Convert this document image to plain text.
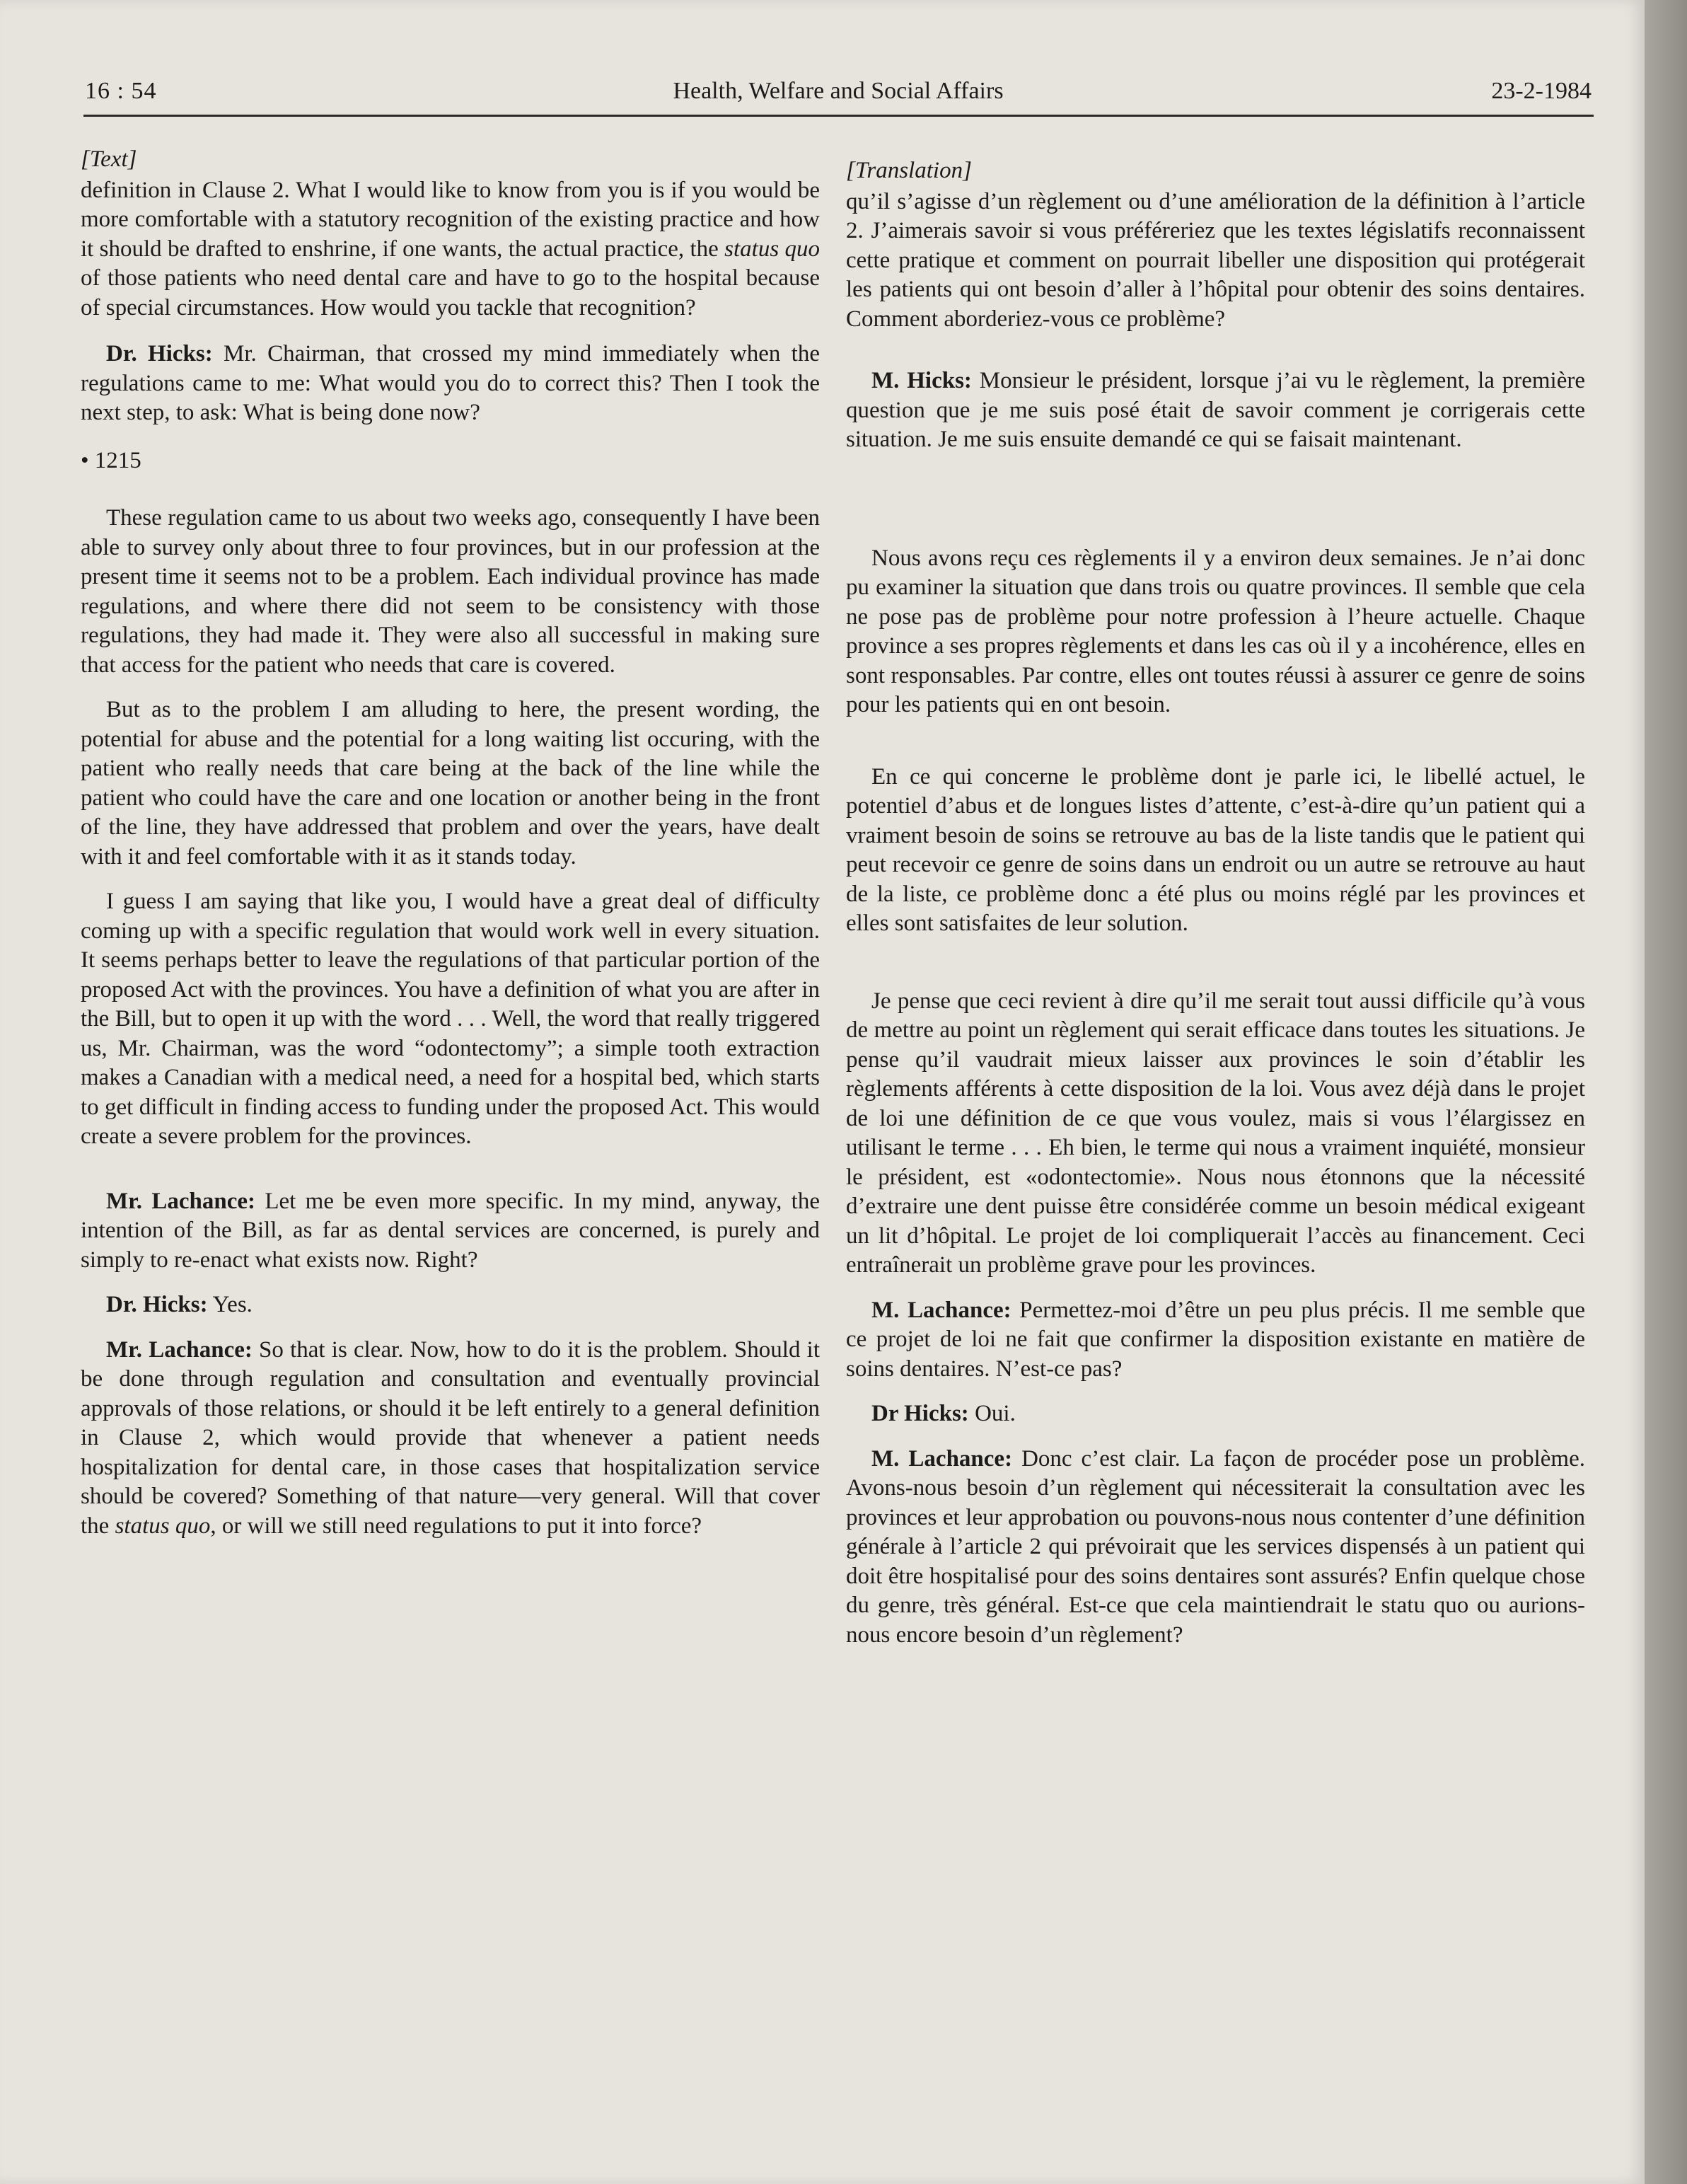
Health, Welfare and Social Affairs
16 : 54	23-2-1984

[Text]

definition in Clause 2. What I would like to know from you is if you would be more comfortable with a statutory recognition of the existing practice and how it should be drafted to enshrine, if one wants, the actual practice, the status quo of those patients who need dental care and have to go to the hospital because of special circumstances. How would you tackle that recognition?

Dr. Hicks: Mr. Chairman, that crossed my mind immediately when the regulations came to me: What would you do to correct this? Then I took the next step, to ask: What is being done now?

• 1215

These regulation came to us about two weeks ago, consequently I have been able to survey only about three to four provinces, but in our profession at the present time it seems not to be a problem. Each individual province has made regulations, and where there did not seem to be consistency with those regulations, they had made it. They were also all successful in making sure that access for the patient who needs that care is covered.

But as to the problem I am alluding to here, the present wording, the potential for abuse and the potential for a long waiting list occuring, with the patient who really needs that care being at the back of the line while the patient who could have the care and one location or another being in the front of the line, they have addressed that problem and over the years, have dealt with it and feel comfortable with it as it stands today.

I guess I am saying that like you, I would have a great deal of difficulty coming up with a specific regulation that would work well in every situation. It seems perhaps better to leave the regulations of that particular portion of the proposed Act with the provinces. You have a definition of what you are after in the Bill, but to open it up with the word . . . Well, the word that really triggered us, Mr. Chairman, was the word “odontectomy”; a simple tooth extraction makes a Canadian with a medical need, a need for a hospital bed, which starts to get difficult in finding access to funding under the proposed Act. This would create a severe problem for the provinces.

Mr. Lachance: Let me be even more specific. In my mind, anyway, the intention of the Bill, as far as dental services are concerned, is purely and simply to re-enact what exists now. Right?

Dr. Hicks: Yes.

Mr. Lachance: So that is clear. Now, how to do it is the problem. Should it be done through regulation and consultation and eventually provincial approvals of those relations, or should it be left entirely to a general definition in Clause 2, which would provide that whenever a patient needs hospitalization for dental care, in those cases that hospitalization service should be covered? Something of that nature—very general. Will that cover the status quo, or will we still need regulations to put it into force?

[Translation]

qu’il s’agisse d’un règlement ou d’une amélioration de la définition à l’article 2. J’aimerais savoir si vous préféreriez que les textes législatifs reconnaissent cette pratique et comment on pourrait libeller une disposition qui protégerait les patients qui ont besoin d’aller à l’hôpital pour obtenir des soins dentaires. Comment aborderiez-vous ce problème?

M. Hicks: Monsieur le président, lorsque j’ai vu le règlement, la première question que je me suis posé était de savoir comment je corrigerais cette situation. Je me suis ensuite demandé ce qui se faisait maintenant.

Nous avons reçu ces règlements il y a environ deux semaines. Je n’ai donc pu examiner la situation que dans trois ou quatre provinces. Il semble que cela ne pose pas de problème pour notre profession à l’heure actuelle. Chaque province a ses propres règlements et dans les cas où il y a incohérence, elles en sont responsables. Par contre, elles ont toutes réussi à assurer ce genre de soins pour les patients qui en ont besoin.

En ce qui concerne le problème dont je parle ici, le libellé actuel, le potentiel d’abus et de longues listes d’attente, c’est-à-dire qu’un patient qui a vraiment besoin de soins se retrouve au bas de la liste tandis que le patient qui peut recevoir ce genre de soins dans un endroit ou un autre se retrouve au haut de la liste, ce problème donc a été plus ou moins réglé par les provinces et elles sont satisfaites de leur solution.

Je pense que ceci revient à dire qu’il me serait tout aussi difficile qu’à vous de mettre au point un règlement qui serait efficace dans toutes les situations. Je pense qu’il vaudrait mieux laisser aux provinces le soin d’établir les règlements afférents à cette disposition de la loi. Vous avez déjà dans le projet de loi une définition de ce que vous voulez, mais si vous l’élargissez en utilisant le terme . . . Eh bien, le terme qui nous a vraiment inquiété, monsieur le président, est «odontectomie». Nous nous étonnons que la nécessité d’extraire une dent puisse être considérée comme un besoin médical exigeant un lit d’hôpital. Le projet de loi compliquerait l’accès au financement. Ceci entraînerait un problème grave pour les provinces.

M. Lachance: Permettez-moi d’être un peu plus précis. Il me semble que ce projet de loi ne fait que confirmer la disposition existante en matière de soins dentaires. N’est-ce pas?

Dr Hicks: Oui.

M. Lachance: Donc c’est clair. La façon de procéder pose un problème. Avons-nous besoin d’un règlement qui nécessiterait la consultation avec les provinces et leur approbation ou pouvons-nous nous contenter d’une définition générale à l’article 2 qui prévoirait que les services dispensés à un patient qui doit être hospitalisé pour des soins dentaires sont assurés? Enfin quelque chose du genre, très général. Est-ce que cela maintiendrait le statu quo ou aurions-nous encore besoin d’un règlement?
